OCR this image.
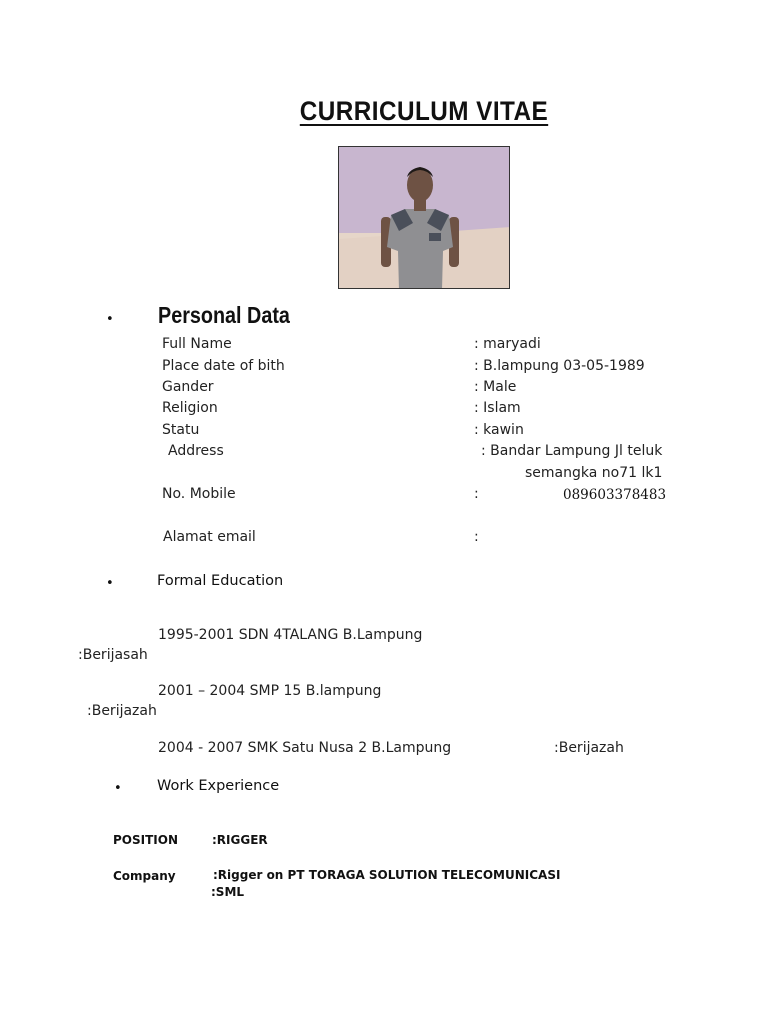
CURRICULUM VITAE
• Personal Data
Full Name	: maryadi
Place date of bith	: B.lampung 03-05-1989
Gander	: Male
Religion	: Islam
Statu	: kawin
Address	: Bandar Lampung Jl teluk
semangka no71 lk1
No. Mobile	:	089603378483
Alamat email	:
•	Formal Education
1995-2001 SDN 4TALANG B.Lampung
:Berijasah
2001 – 2004 SMP 15 B.lampung
:Berijazah
2004 - 2007 SMK Satu Nusa 2 B.Lampung	:Berijazah
• Work Experience
POSITION	:RIGGER
Company	:Rigger on PT TORAGA SOLUTION TELECOMUNICASI
:SML
